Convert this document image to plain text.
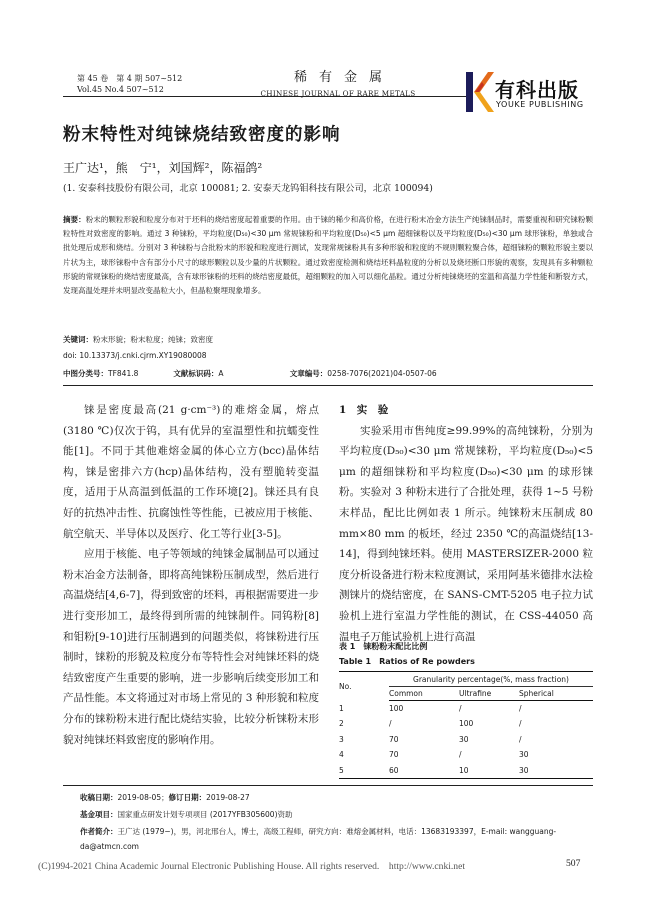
第 45 卷　第 4 期 507~512
Vol.45 No.4 507~512
稀有金属
CHINESE JOURNAL OF RARE METALS	有科出版
YOUKE PUBLISHING
粉末特性对纯铼烧结致密度的影响
王广达¹，熊　宁¹，刘国辉²，陈福鸽²
(1. 安泰科技股份有限公司，北京 100081; 2. 安泰天龙钨钼科技有限公司，北京 100094)
摘要：粉末的颗粒形貌和粒度分布对于坯料的烧结密度起着重要的作用。由于铼的稀少和高价格，在进行粉末冶金方法生产纯铼制品时，需要重视和研究铼粉颗粒特性对致密度的影响。通过 3 种铼粉，平均粒度(D₅₀)<30 μm 常规铼粉和平均粒度(D₅₀)<5 μm 超细铼粉以及平均粒度(D₅₀)<30 μm 球形铼粉，单独或合批处理后成形和烧结。分别对 3 种铼粉与合批粉末的形貌和粒度进行测试，发现常规铼粉具有多种形貌和粒度的不规则颗粒聚合体，超细铼粉的颗粒形貌主要以片状为主，球形铼粉中含有部分小尺寸的球形颗粒以及少量的片状颗粒。通过致密度检测和烧结坯料晶粒度的分析以及烧坯断口形貌的观察，发现具有多种颗粒形貌的常规铼粉的烧结密度最高，含有球形铼粉的坯料的烧结密度最低，超细颗粒的加入可以细化晶粒。通过分析纯铼烧坯的室温和高温力学性能和断裂方式，发现高温处理并未明显改变晶粒大小，但晶粒聚埋现象增多。
关键词：粉末形貌；粉末粒度；纯铼；致密度
doi: 10.13373/j.cnki.cjrm.XY19080008
中图分类号：TF841.8	文献标识码：A	文章编号：0258-7076(2021)04-0507-06

铼是密度最高(21 g·cm⁻³)的难熔金属，熔点(3180 ℃)仅次于钨，具有优异的室温塑性和抗蠕变性能[1]。不同于其他难熔金属的体心立方(bcc)晶体结构，铼是密排六方(hcp)晶体结构，没有塑脆转变温度，适用于从高温到低温的工作环境[2]。铼还具有良好的抗热冲击性、抗腐蚀性等性能，已被应用于核能、航空航天、半导体以及医疗、化工等行业[3-5]。

应用于核能、电子等领域的纯铼金属制品可以通过粉末冶金方法制备，即将高纯铼粉压制成型，然后进行高温烧结[4,6-7]，得到致密的坯料，再根据需要进一步进行变形加工，最终得到所需的纯铼制件。同钨粉[8]和钼粉[9-10]进行压制遇到的问题类似，将铼粉进行压制时，铼粉的形貌及粒度分布等特性会对纯铼坯料的烧结致密度产生重要的影响，进一步影响后续变形加工和产品性能。本文将通过对市场上常见的 3 种形貌和粒度分布的铼粉粉末进行配比烧结实验，比较分析铼粉末形貌对纯铼坯料致密度的影响作用。

1　实　验

实验采用市售纯度≥99.99%的高纯铼粉，分别为平均粒度(D₅₀)<30 μm 常规铼粉，平均粒度(D₅₀)<5 μm 的超细铼粉和平均粒度(D₅₀)<30 μm 的球形铼粉。实验对 3 种粉末进行了合批处理，获得 1~5 号粉末样品，配比比例如表 1 所示。纯铼粉末压制成 80 mm×80 mm 的板坯，经过 2350 ℃的高温烧结[13-14]，得到纯铼坯料。使用 MASTERSIZER-2000 粒度分析设备进行粉末粒度测试，采用阿基米德排水法检测铼片的烧结密度，在 SANS-CMT-5205 电子拉力试验机上进行室温力学性能的测试，在 CSS-44050 高温电子万能试验机上进行高温

表 1　铼粉粉末配比比例
Table 1　Ratios of Re powders
No.	Granularity percentage(%, mass fraction)		
	Common	Ultrafine	Spherical
1	100	/	/
2	/	100	/
3	70	30	/
4	70	/	30
5	60	10	30
收稿日期：2019-08-05；修订日期：2019-08-27
基金项目：国家重点研发计划专项项目 (2017YFB305600)资助
作者简介：王广达 (1979−)，男，河北邢台人，博士，高级工程师，研究方向：难熔金属材料，电话：13683193397，E-mail: wangguang-
da@atmcn.com
(C)1994-2021 China Academic Journal Electronic Publishing House. All rights reserved.　http://www.cnki.net	507
